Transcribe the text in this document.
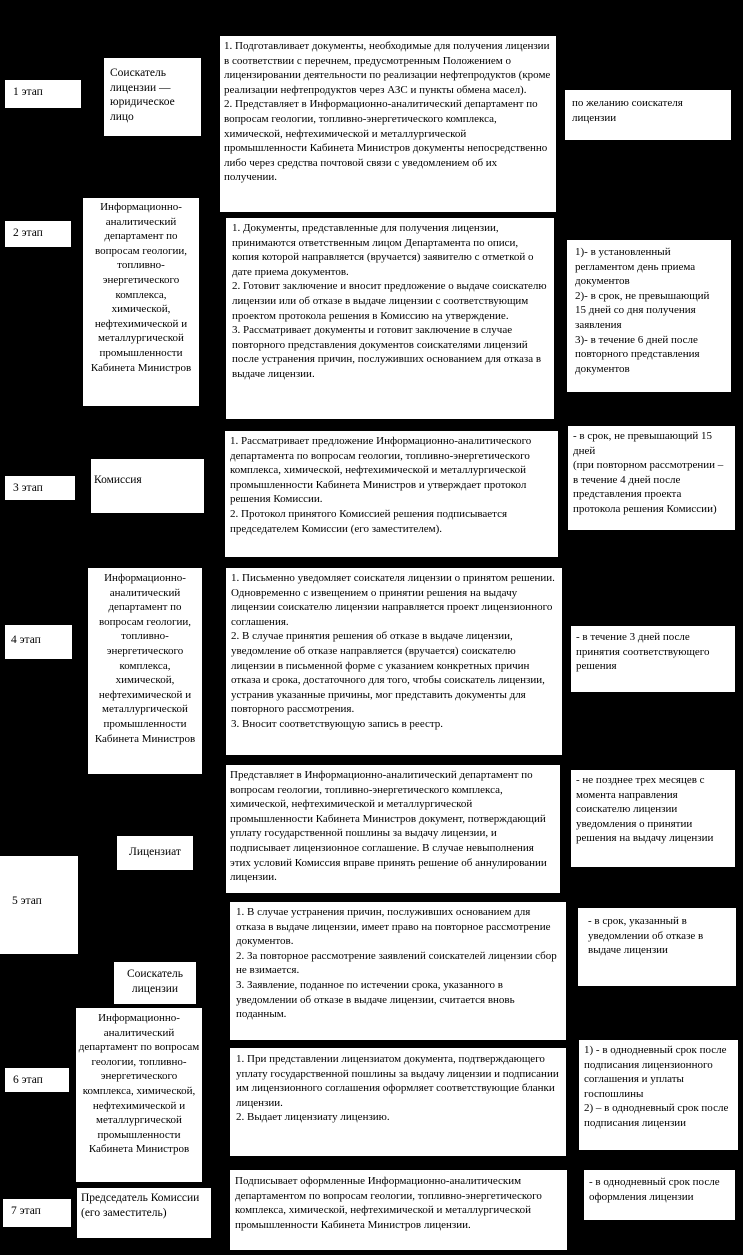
1 этап
Соискатель лицензии — юридическое лицо
1. Подготавливает документы, необходимые для получения лицензии в соответствии с перечнем, предусмотренным Положением о лицензировании деятельности по реализации нефтепродуктов (кроме реализации нефтепродуктов через АЗС и пункты обмена масел).
2. Представляет в Информационно-аналитический департамент по вопросам геологии, топливно-энергетического комплекса, химической, нефтехимической и металлургической промышленности Кабинета Министров документы непосредственно либо через средства почтовой связи с уведомлением об их получении.
по желанию соискателя лицензии
2 этап
Информационно-аналитический департамент по вопросам геологии, топливно-энергетического комплекса, химической, нефтехимической и металлургической промышленности Кабинета Министров
1. Документы, представленные для получения лицензии, принимаются ответственным лицом Департамента по описи, копия которой направляется (вручается) заявителю с отметкой о дате приема документов.
2. Готовит заключение и вносит предложение о выдаче соискателю лицензии или об отказе в выдаче лицензии с соответствующим проектом протокола решения в Комиссию на утверждение.
3. Рассматривает документы и готовит заключение в случае повторного представления документов соискателями лицензий после устранения причин, послуживших основанием для отказа в выдаче лицензии.
1)- в установленный регламентом день приема документов
2)- в срок, не превышающий 15 дней со дня получения заявления
3)- в течение 6 дней после повторного представления документов
3 этап
Комиссия
1. Рассматривает предложение Информационно-аналитического департамента по вопросам геологии, топливно-энергетического комплекса, химической, нефтехимической и металлургической промышленности Кабинета Министров и утверждает протокол решения Комиссии.
2. Протокол принятого Комиссией решения подписывается председателем Комиссии (его заместителем).
- в срок, не превышающий 15 дней
(при повторном рассмотрении – в течение 4 дней после представления проекта протокола решения Комиссии)
4 этап
Информационно-аналитический департамент по вопросам геологии, топливно-энергетического комплекса, химической, нефтехимической и металлургической промышленности Кабинета Министров
1. Письменно уведомляет соискателя лицензии о принятом решении. Одновременно с извещением о принятии решения на выдачу лицензии соискателю лицензии направляется проект лицензионного соглашения.
2. В случае принятия решения об отказе в выдаче лицензии, уведомление об отказе направляется (вручается) соискателю лицензии в письменной форме с указанием конкретных причин отказа и срока, достаточного для того, чтобы соискатель лицензии, устранив указанные причины, мог представить документы для повторного рассмотрения.
3. Вносит соответствующую запись в реестр.
- в течение 3 дней после принятия соответствующего решения
5 этап
Лицензиат
Представляет в Информационно-аналитический департамент по вопросам геологии, топливно-энергетического комплекса, химической, нефтехимической и металлургической промышленности Кабинета Министров документ, потверждающий уплату государственной пошлины за выдачу лицензии, и подписывает лицензионное соглашение. В случае невыполнения этих условий Комиссия вправе принять решение об аннулировании лицензии.
- не позднее трех месяцев с момента направления соискателю лицензии уведомления о принятии решения на выдачу лицензии
Соискатель лицензии
1. В случае устранения причин, послуживших основанием для отказа в выдаче лицензии, имеет право на повторное рассмотрение документов.
2. За повторное рассмотрение заявлений соискателей лицензии сбор не взимается.
3. Заявление, поданное по истечении срока, указанного в уведомлении об отказе в выдаче лицензии, считается вновь поданным.
- в срок, указанный в уведомлении об отказе в выдаче лицензии
6 этап
Информационно-аналитический департамент по вопросам геологии, топливно-энергетического комплекса, химической, нефтехимической и металлургической промышленности Кабинета Министров
1. При представлении лицензиатом документа, подтверждающего уплату государственной пошлины за выдачу лицензии и подписании им лицензионного соглашения оформляет соответствующие бланки лицензии.
2. Выдает лицензиату лицензию.
1) - в однодневный срок после подписания лицензионного соглашения и уплаты госпошлины
2) – в однодневный срок после подписания лицензии
7 этап
Председатель Комиссии (его заместитель)
Подписывает оформленные Информационно-аналитическим департаментом по вопросам геологии, топливно-энергетического комплекса, химической, нефтехимической и металлургической промышленности Кабинета Министров лицензии.
- в однодневный срок после оформления лицензии
